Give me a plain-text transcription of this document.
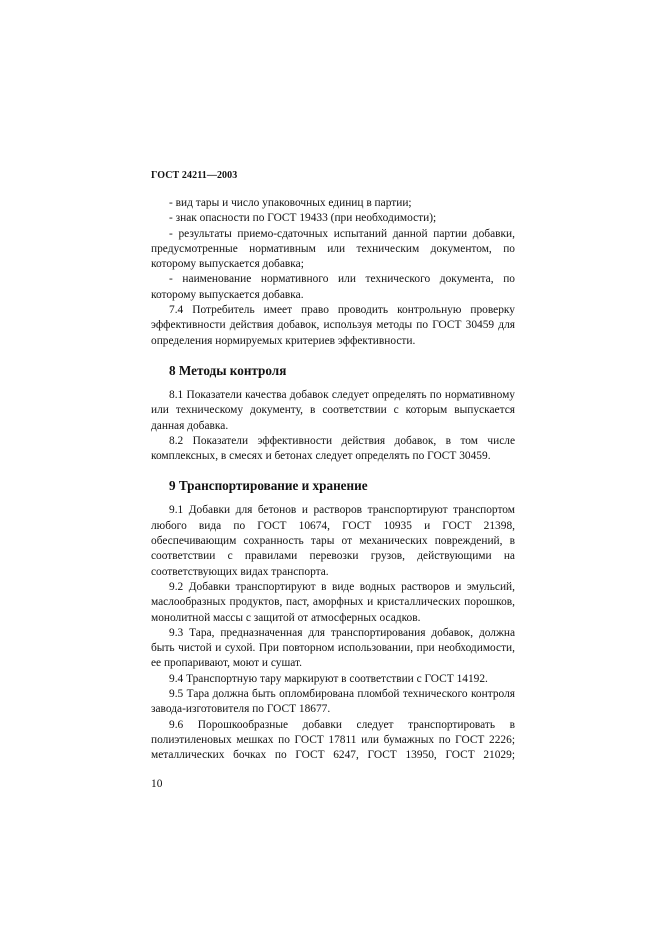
ГОСТ 24211—2003

- вид тары и число упаковочных единиц в партии;

- знак опасности по ГОСТ 19433 (при необходимости);

- результаты приемо-сдаточных испытаний данной партии добавки, предусмотренные нормативным или техническим документом, по которому выпускается добавка;

- наименование нормативного или технического документа, по которому выпускается добавка.

7.4 Потребитель имеет право проводить контрольную проверку эффективности действия добавок, используя методы по ГОСТ 30459 для определения нормируемых критериев эффективности.

8 Методы контроля

8.1 Показатели качества добавок следует определять по нормативному или техническому документу, в соответствии с которым выпускается данная добавка.

8.2 Показатели эффективности действия добавок, в том числе комплексных, в смесях и бетонах следует определять по ГОСТ 30459.

9 Транспортирование и хранение

9.1 Добавки для бетонов и растворов транспортируют транспортом любого вида по ГОСТ 10674, ГОСТ 10935 и ГОСТ 21398, обеспечивающим сохранность тары от механических повреждений, в соответствии с правилами перевозки грузов, действующими на соответствующих видах транспорта.

9.2 Добавки транспортируют в виде водных растворов и эмульсий, маслообразных продуктов, паст, аморфных и кристаллических порошков, монолитной массы с защитой от атмосферных осадков.

9.3 Тара, предназначенная для транспортирования добавок, должна быть чистой и сухой. При повторном использовании, при необходимости, ее пропаривают, моют и сушат.

9.4 Транспортную тару маркируют в соответствии с ГОСТ 14192.

9.5 Тара должна быть опломбирована пломбой технического контроля завода-изготовителя по ГОСТ 18677.

9.6 Порошкообразные добавки следует транспортировать в полиэтиленовых мешках по ГОСТ 17811 или бумажных по ГОСТ 2226; металлических бочках по ГОСТ 6247, ГОСТ 13950, ГОСТ 21029;

10
